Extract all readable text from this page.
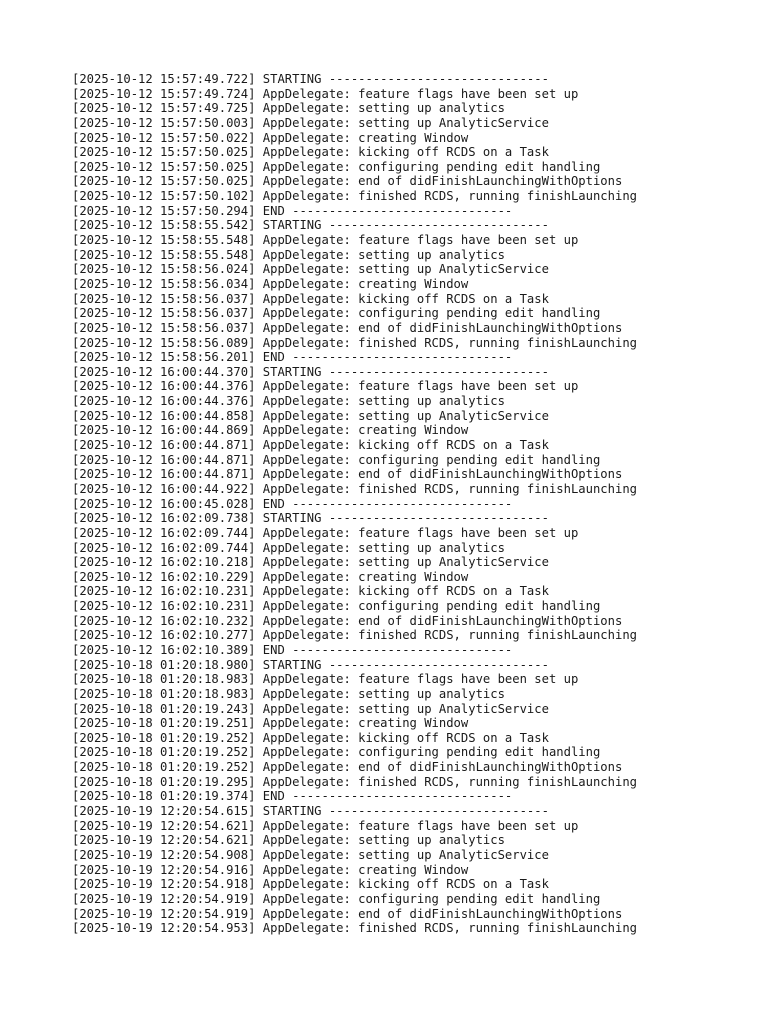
[2025-10-12 15:57:49.722] STARTING ------------------------------
[2025-10-12 15:57:49.724] AppDelegate: feature flags have been set up
[2025-10-12 15:57:49.725] AppDelegate: setting up analytics
[2025-10-12 15:57:50.003] AppDelegate: setting up AnalyticService
[2025-10-12 15:57:50.022] AppDelegate: creating Window
[2025-10-12 15:57:50.025] AppDelegate: kicking off RCDS on a Task
[2025-10-12 15:57:50.025] AppDelegate: configuring pending edit handling
[2025-10-12 15:57:50.025] AppDelegate: end of didFinishLaunchingWithOptions
[2025-10-12 15:57:50.102] AppDelegate: finished RCDS, running finishLaunching
[2025-10-12 15:57:50.294] END ------------------------------
[2025-10-12 15:58:55.542] STARTING ------------------------------
[2025-10-12 15:58:55.548] AppDelegate: feature flags have been set up
[2025-10-12 15:58:55.548] AppDelegate: setting up analytics
[2025-10-12 15:58:56.024] AppDelegate: setting up AnalyticService
[2025-10-12 15:58:56.034] AppDelegate: creating Window
[2025-10-12 15:58:56.037] AppDelegate: kicking off RCDS on a Task
[2025-10-12 15:58:56.037] AppDelegate: configuring pending edit handling
[2025-10-12 15:58:56.037] AppDelegate: end of didFinishLaunchingWithOptions
[2025-10-12 15:58:56.089] AppDelegate: finished RCDS, running finishLaunching
[2025-10-12 15:58:56.201] END ------------------------------
[2025-10-12 16:00:44.370] STARTING ------------------------------
[2025-10-12 16:00:44.376] AppDelegate: feature flags have been set up
[2025-10-12 16:00:44.376] AppDelegate: setting up analytics
[2025-10-12 16:00:44.858] AppDelegate: setting up AnalyticService
[2025-10-12 16:00:44.869] AppDelegate: creating Window
[2025-10-12 16:00:44.871] AppDelegate: kicking off RCDS on a Task
[2025-10-12 16:00:44.871] AppDelegate: configuring pending edit handling
[2025-10-12 16:00:44.871] AppDelegate: end of didFinishLaunchingWithOptions
[2025-10-12 16:00:44.922] AppDelegate: finished RCDS, running finishLaunching
[2025-10-12 16:00:45.028] END ------------------------------
[2025-10-12 16:02:09.738] STARTING ------------------------------
[2025-10-12 16:02:09.744] AppDelegate: feature flags have been set up
[2025-10-12 16:02:09.744] AppDelegate: setting up analytics
[2025-10-12 16:02:10.218] AppDelegate: setting up AnalyticService
[2025-10-12 16:02:10.229] AppDelegate: creating Window
[2025-10-12 16:02:10.231] AppDelegate: kicking off RCDS on a Task
[2025-10-12 16:02:10.231] AppDelegate: configuring pending edit handling
[2025-10-12 16:02:10.232] AppDelegate: end of didFinishLaunchingWithOptions
[2025-10-12 16:02:10.277] AppDelegate: finished RCDS, running finishLaunching
[2025-10-12 16:02:10.389] END ------------------------------
[2025-10-18 01:20:18.980] STARTING ------------------------------
[2025-10-18 01:20:18.983] AppDelegate: feature flags have been set up
[2025-10-18 01:20:18.983] AppDelegate: setting up analytics
[2025-10-18 01:20:19.243] AppDelegate: setting up AnalyticService
[2025-10-18 01:20:19.251] AppDelegate: creating Window
[2025-10-18 01:20:19.252] AppDelegate: kicking off RCDS on a Task
[2025-10-18 01:20:19.252] AppDelegate: configuring pending edit handling
[2025-10-18 01:20:19.252] AppDelegate: end of didFinishLaunchingWithOptions
[2025-10-18 01:20:19.295] AppDelegate: finished RCDS, running finishLaunching
[2025-10-18 01:20:19.374] END ------------------------------
[2025-10-19 12:20:54.615] STARTING ------------------------------
[2025-10-19 12:20:54.621] AppDelegate: feature flags have been set up
[2025-10-19 12:20:54.621] AppDelegate: setting up analytics
[2025-10-19 12:20:54.908] AppDelegate: setting up AnalyticService
[2025-10-19 12:20:54.916] AppDelegate: creating Window
[2025-10-19 12:20:54.918] AppDelegate: kicking off RCDS on a Task
[2025-10-19 12:20:54.919] AppDelegate: configuring pending edit handling
[2025-10-19 12:20:54.919] AppDelegate: end of didFinishLaunchingWithOptions
[2025-10-19 12:20:54.953] AppDelegate: finished RCDS, running finishLaunching
